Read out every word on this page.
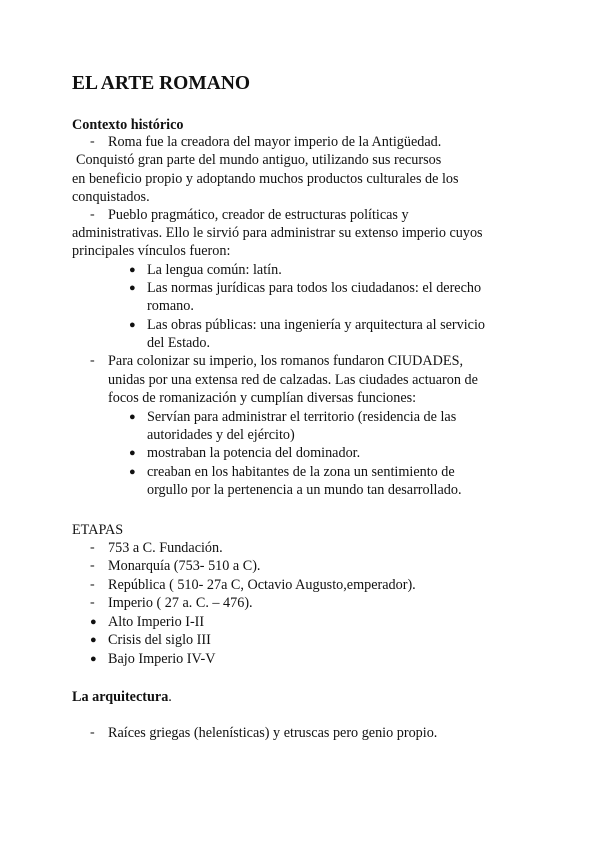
EL ARTE ROMANO
Contexto histórico
- Roma fue la creadora del mayor imperio de la Antigüedad.
Conquistó gran parte del mundo antiguo, utilizando sus recursos
en beneficio propio y adoptando muchos productos culturales de los
conquistados.
- Pueblo pragmático, creador de estructuras políticas y
administrativas. Ello le sirvió para administrar su extenso imperio cuyos
principales vínculos fueron:
● La lengua común: latín.
● Las normas jurídicas para todos los ciudadanos: el derecho
romano.
● Las obras públicas: una ingeniería y arquitectura al servicio
del Estado.
- Para colonizar su imperio, los romanos fundaron CIUDADES,
unidas por una extensa red de calzadas. Las ciudades actuaron de
focos de romanización y cumplían diversas funciones:
● Servían para administrar el territorio (residencia de las
autoridades y del ejército)
● mostraban la potencia del dominador.
● creaban en los habitantes de la zona un sentimiento de
orgullo por la pertenencia a un mundo tan desarrollado.
ETAPAS
- 753 a C. Fundación.
- Monarquía (753- 510 a C).
- República ( 510- 27a C, Octavio Augusto,emperador).
- Imperio ( 27 a. C. – 476).
● Alto Imperio I-II
● Crisis del siglo III
● Bajo Imperio IV-V
La arquitectura.
- Raíces griegas (helenísticas) y etruscas pero genio propio.
